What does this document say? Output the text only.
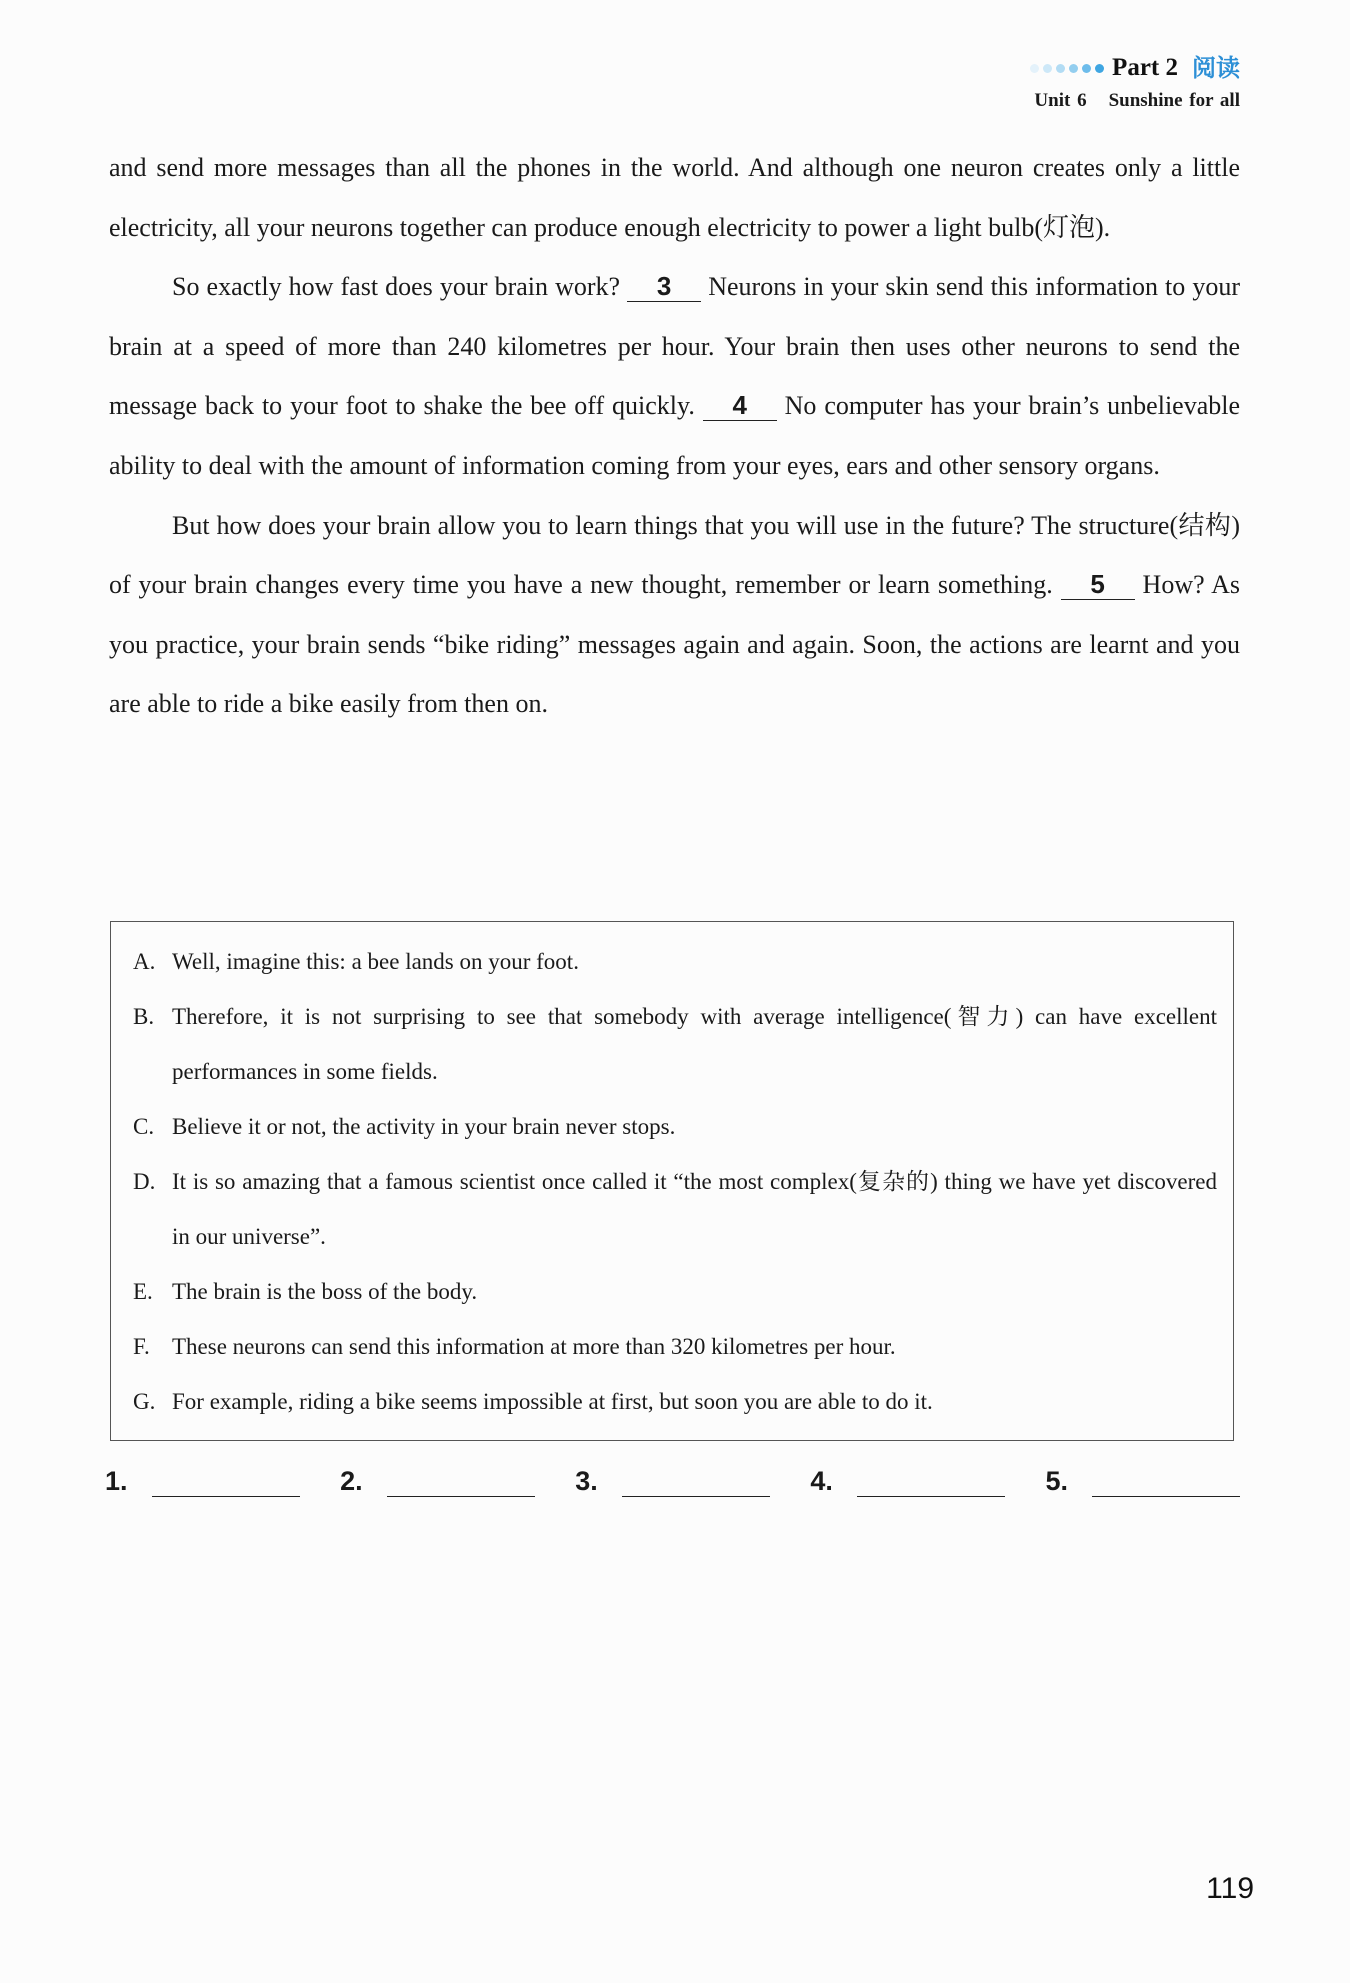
Part 2 阅读
Unit 6 Sunshine for all

and send more messages than all the phones in the world. And although one neuron creates only a little electricity, all your neurons together can produce enough electricity to power a light bulb(灯泡).

So exactly how fast does your brain work? 3 Neurons in your skin send this information to your brain at a speed of more than 240 kilometres per hour. Your brain then uses other neurons to send the message back to your foot to shake the bee off quickly. 4 No computer has your brain’s unbelievable ability to deal with the amount of information coming from your eyes, ears and other sensory organs.

But how does your brain allow you to learn things that you will use in the future? The structure(结构) of your brain changes every time you have a new thought, remember or learn something. 5 How? As you practice, your brain sends “bike riding” messages again and again. Soon, the actions are learnt and you are able to ride a bike easily from then on.

A. Well, imagine this: a bee lands on your foot.
B. Therefore, it is not surprising to see that somebody with average intelligence(智力) can have excellent performances in some fields.
C. Believe it or not, the activity in your brain never stops.
D. It is so amazing that a famous scientist once called it “the most complex(复杂的) thing we have yet discovered in our universe”.
E. The brain is the boss of the body.
F. These neurons can send this information at more than 320 kilometres per hour.
G. For example, riding a bike seems impossible at first, but soon you are able to do it.
1.	2.	3.	4.	5.
119
